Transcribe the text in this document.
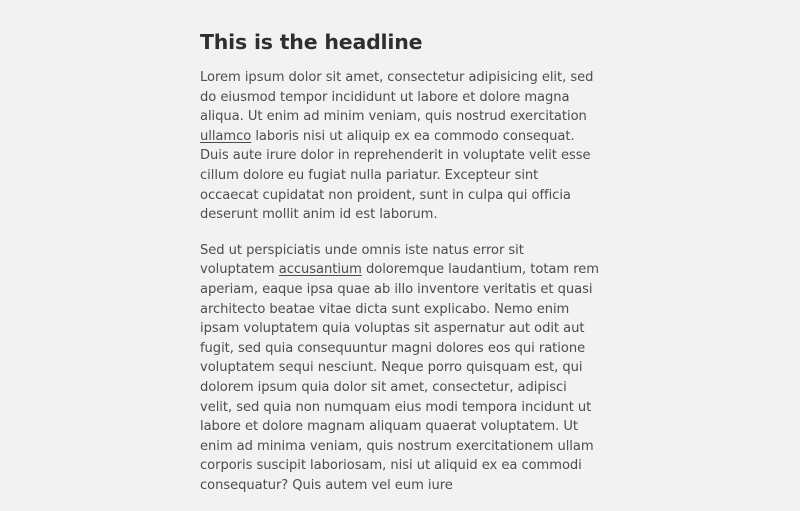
This is the headline

Lorem ipsum dolor sit amet, consectetur adipisicing elit, sed do eiusmod tempor incididunt ut labore et dolore magna aliqua. Ut enim ad minim veniam, quis nostrud exercitation ullamco laboris nisi ut aliquip ex ea commodo consequat. Duis aute irure dolor in reprehenderit in voluptate velit esse cillum dolore eu fugiat nulla pariatur. Excepteur sint occaecat cupidatat non proident, sunt in culpa qui officia deserunt mollit anim id est laborum.

Sed ut perspiciatis unde omnis iste natus error sit voluptatem accusantium doloremque laudantium, totam rem aperiam, eaque ipsa quae ab illo inventore veritatis et quasi architecto beatae vitae dicta sunt explicabo. Nemo enim ipsam voluptatem quia voluptas sit aspernatur aut odit aut fugit, sed quia consequuntur magni dolores eos qui ratione voluptatem sequi nesciunt. Neque porro quisquam est, qui dolorem ipsum quia dolor sit amet, consectetur, adipisci velit, sed quia non numquam eius modi tempora incidunt ut labore et dolore magnam aliquam quaerat voluptatem. Ut enim ad minima veniam, quis nostrum exercitationem ullam corporis suscipit laboriosam, nisi ut aliquid ex ea commodi consequatur? Quis autem vel eum iure
